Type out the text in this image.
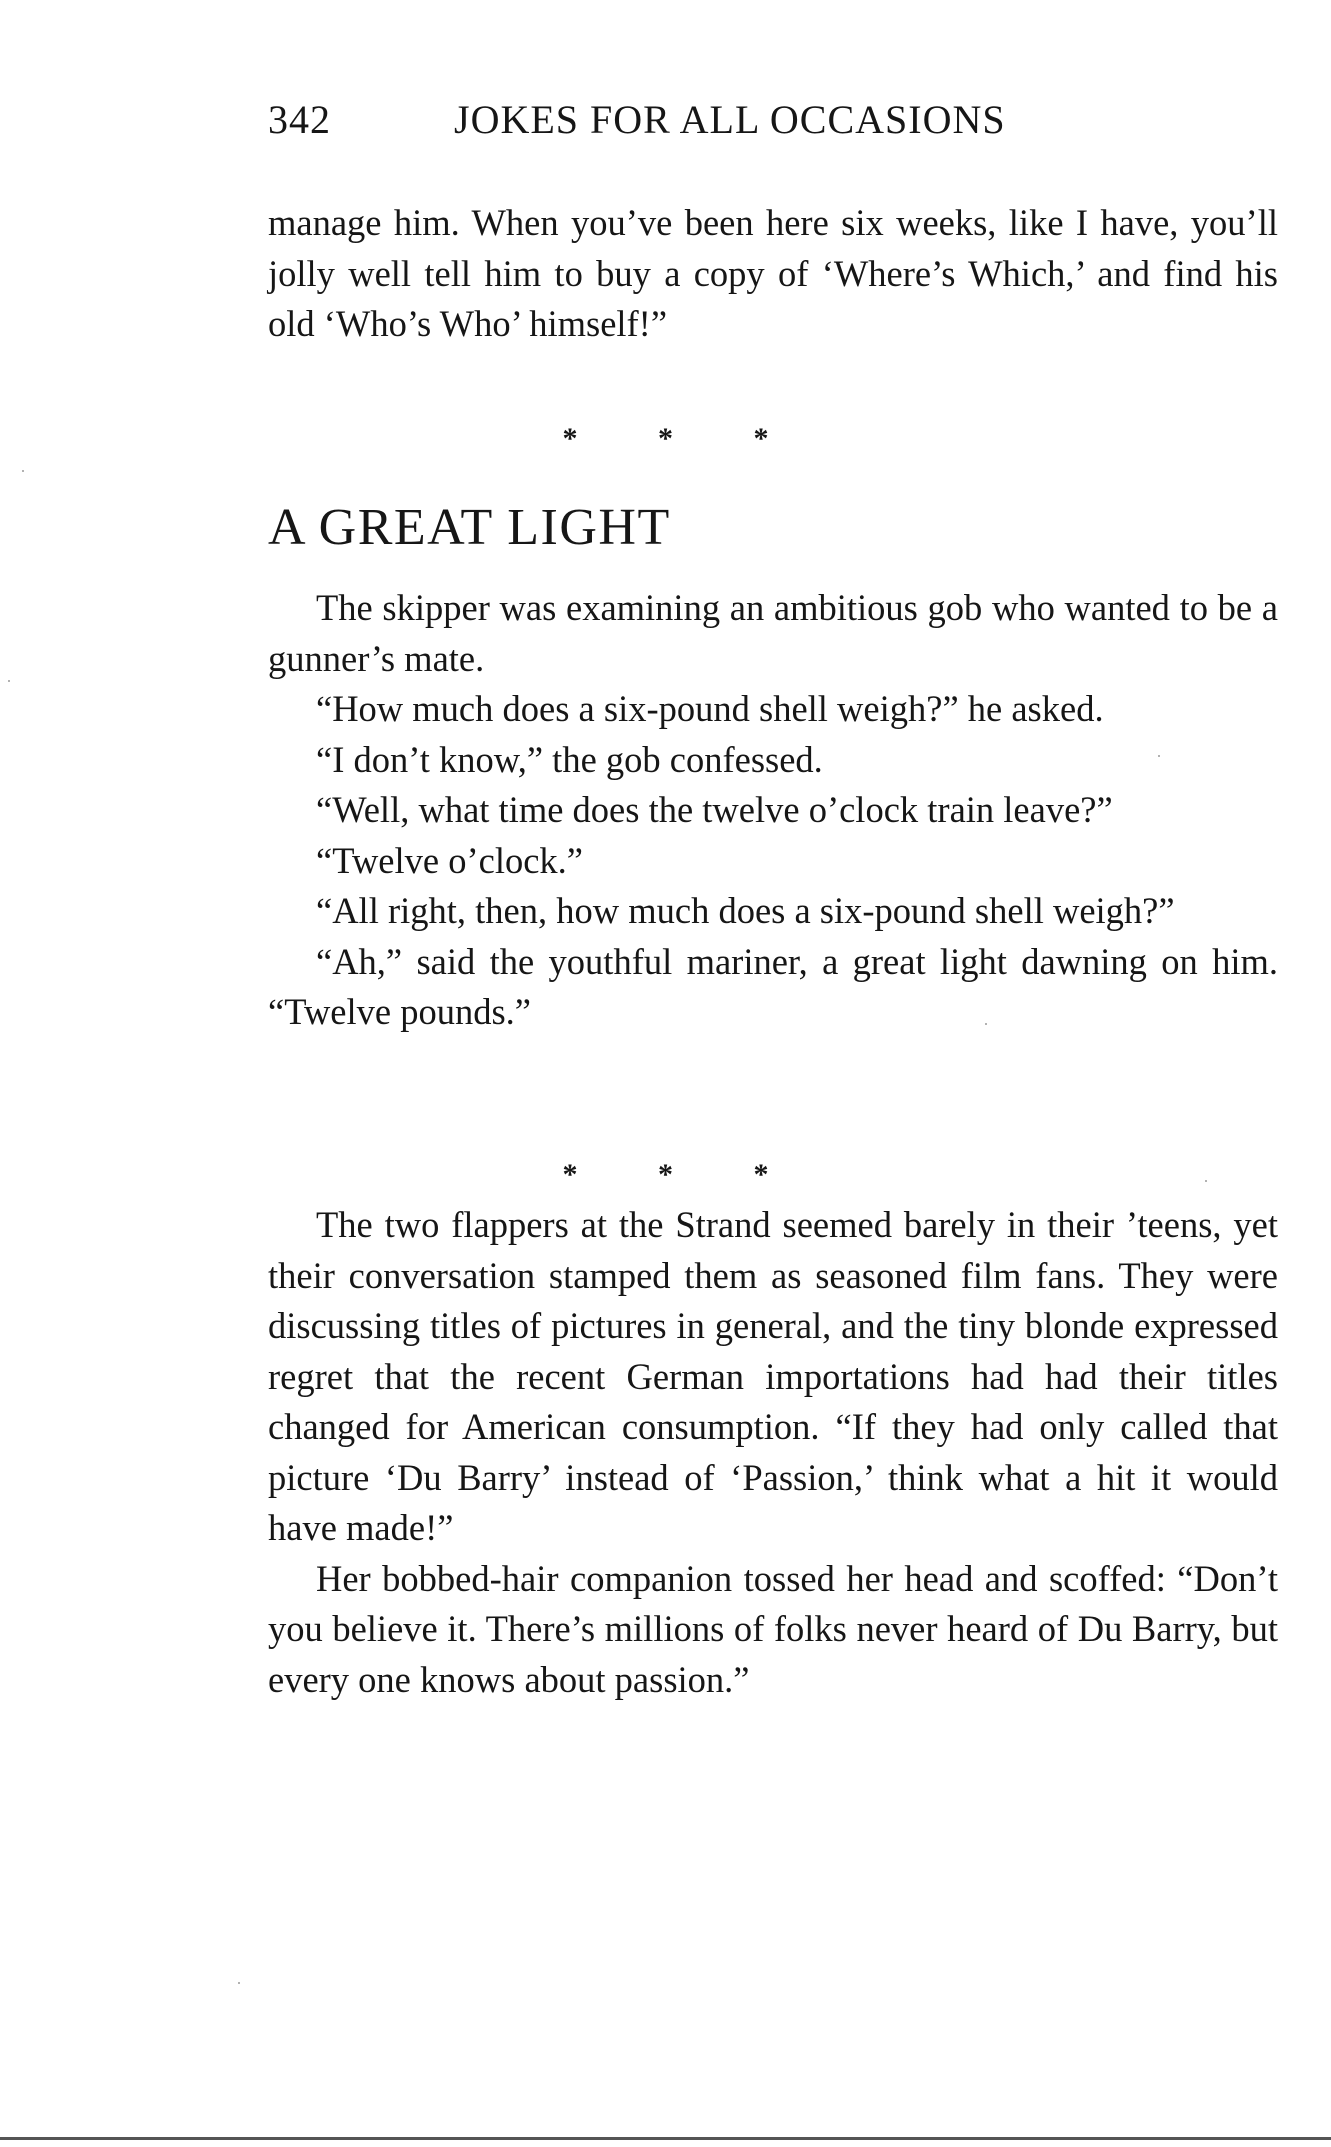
342	JOKES FOR ALL OCCASIONS

manage him. When you’ve been here six weeks, like I have, you’ll jolly well tell him to buy a copy of ‘Where’s Which,’ and find his old ‘Who’s Who’ himself!”

*	*	*
A GREAT LIGHT

The skipper was examining an ambitious gob who wanted to be a gunner’s mate.

“How much does a six-pound shell weigh?” he asked.

“I don’t know,” the gob confessed.

“Well, what time does the twelve o’clock train leave?”

“Twelve o’clock.”

“All right, then, how much does a six-pound shell weigh?”

“Ah,” said the youthful mariner, a great light dawning on him. “Twelve pounds.”

*	*	*

The two flappers at the Strand seemed barely in their ’teens, yet their conversation stamped them as seasoned film fans. They were discussing titles of pictures in general, and the tiny blonde expressed regret that the recent German importations had had their titles changed for American consumption. “If they had only called that picture ‘Du Barry’ instead of ‘Passion,’ think what a hit it would have made!”

Her bobbed-hair companion tossed her head and scoffed: “Don’t you believe it. There’s millions of folks never heard of Du Barry, but every one knows about passion.”
